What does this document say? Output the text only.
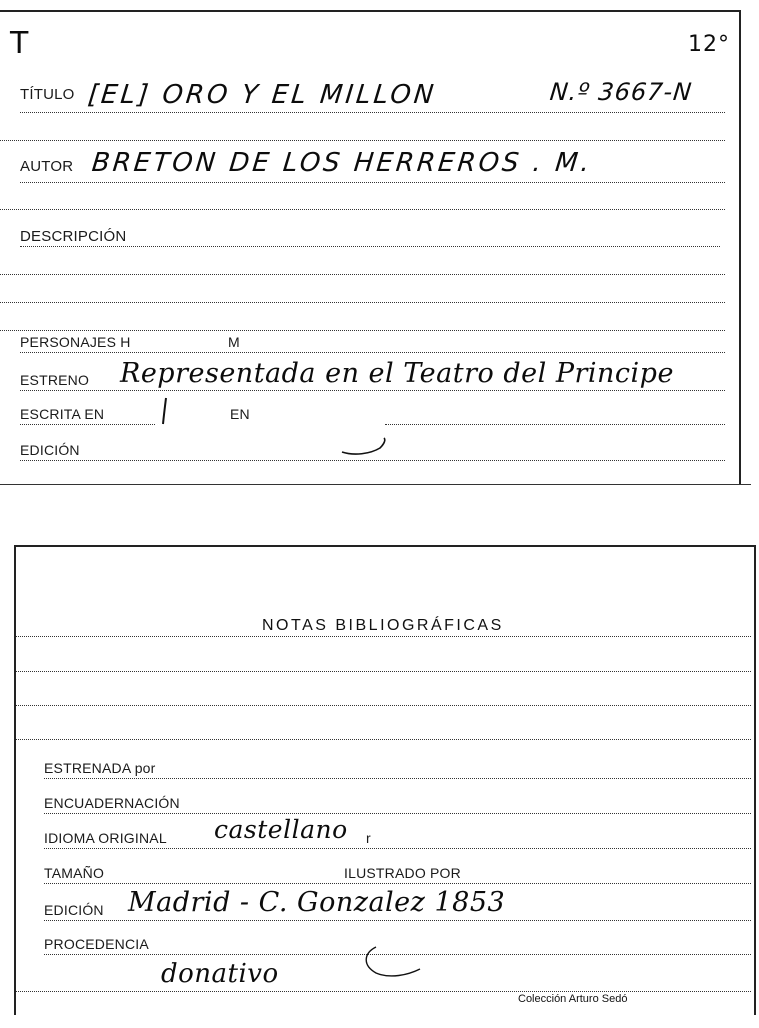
T	12°
TÍTULO [EL] ORO Y EL MILLON	N.º 3667-N
AUTOR BRETON DE LOS HERREROS . M.
DESCRIPCIÓN
PERSONAJES H	M
ESTRENO Representada en el Teatro del Principe
ESCRITA EN	EN
EDICIÓN
NOTAS BIBLIOGRÁFICAS
ESTRENADA por
ENCUADERNACIÓN
IDIOMA ORIGINAL castellano r
TAMAÑO	ILUSTRADO POR
EDICIÓN Madrid - C. Gonzalez 1853
PROCEDENCIA
donativo
Colección Arturo Sedó
